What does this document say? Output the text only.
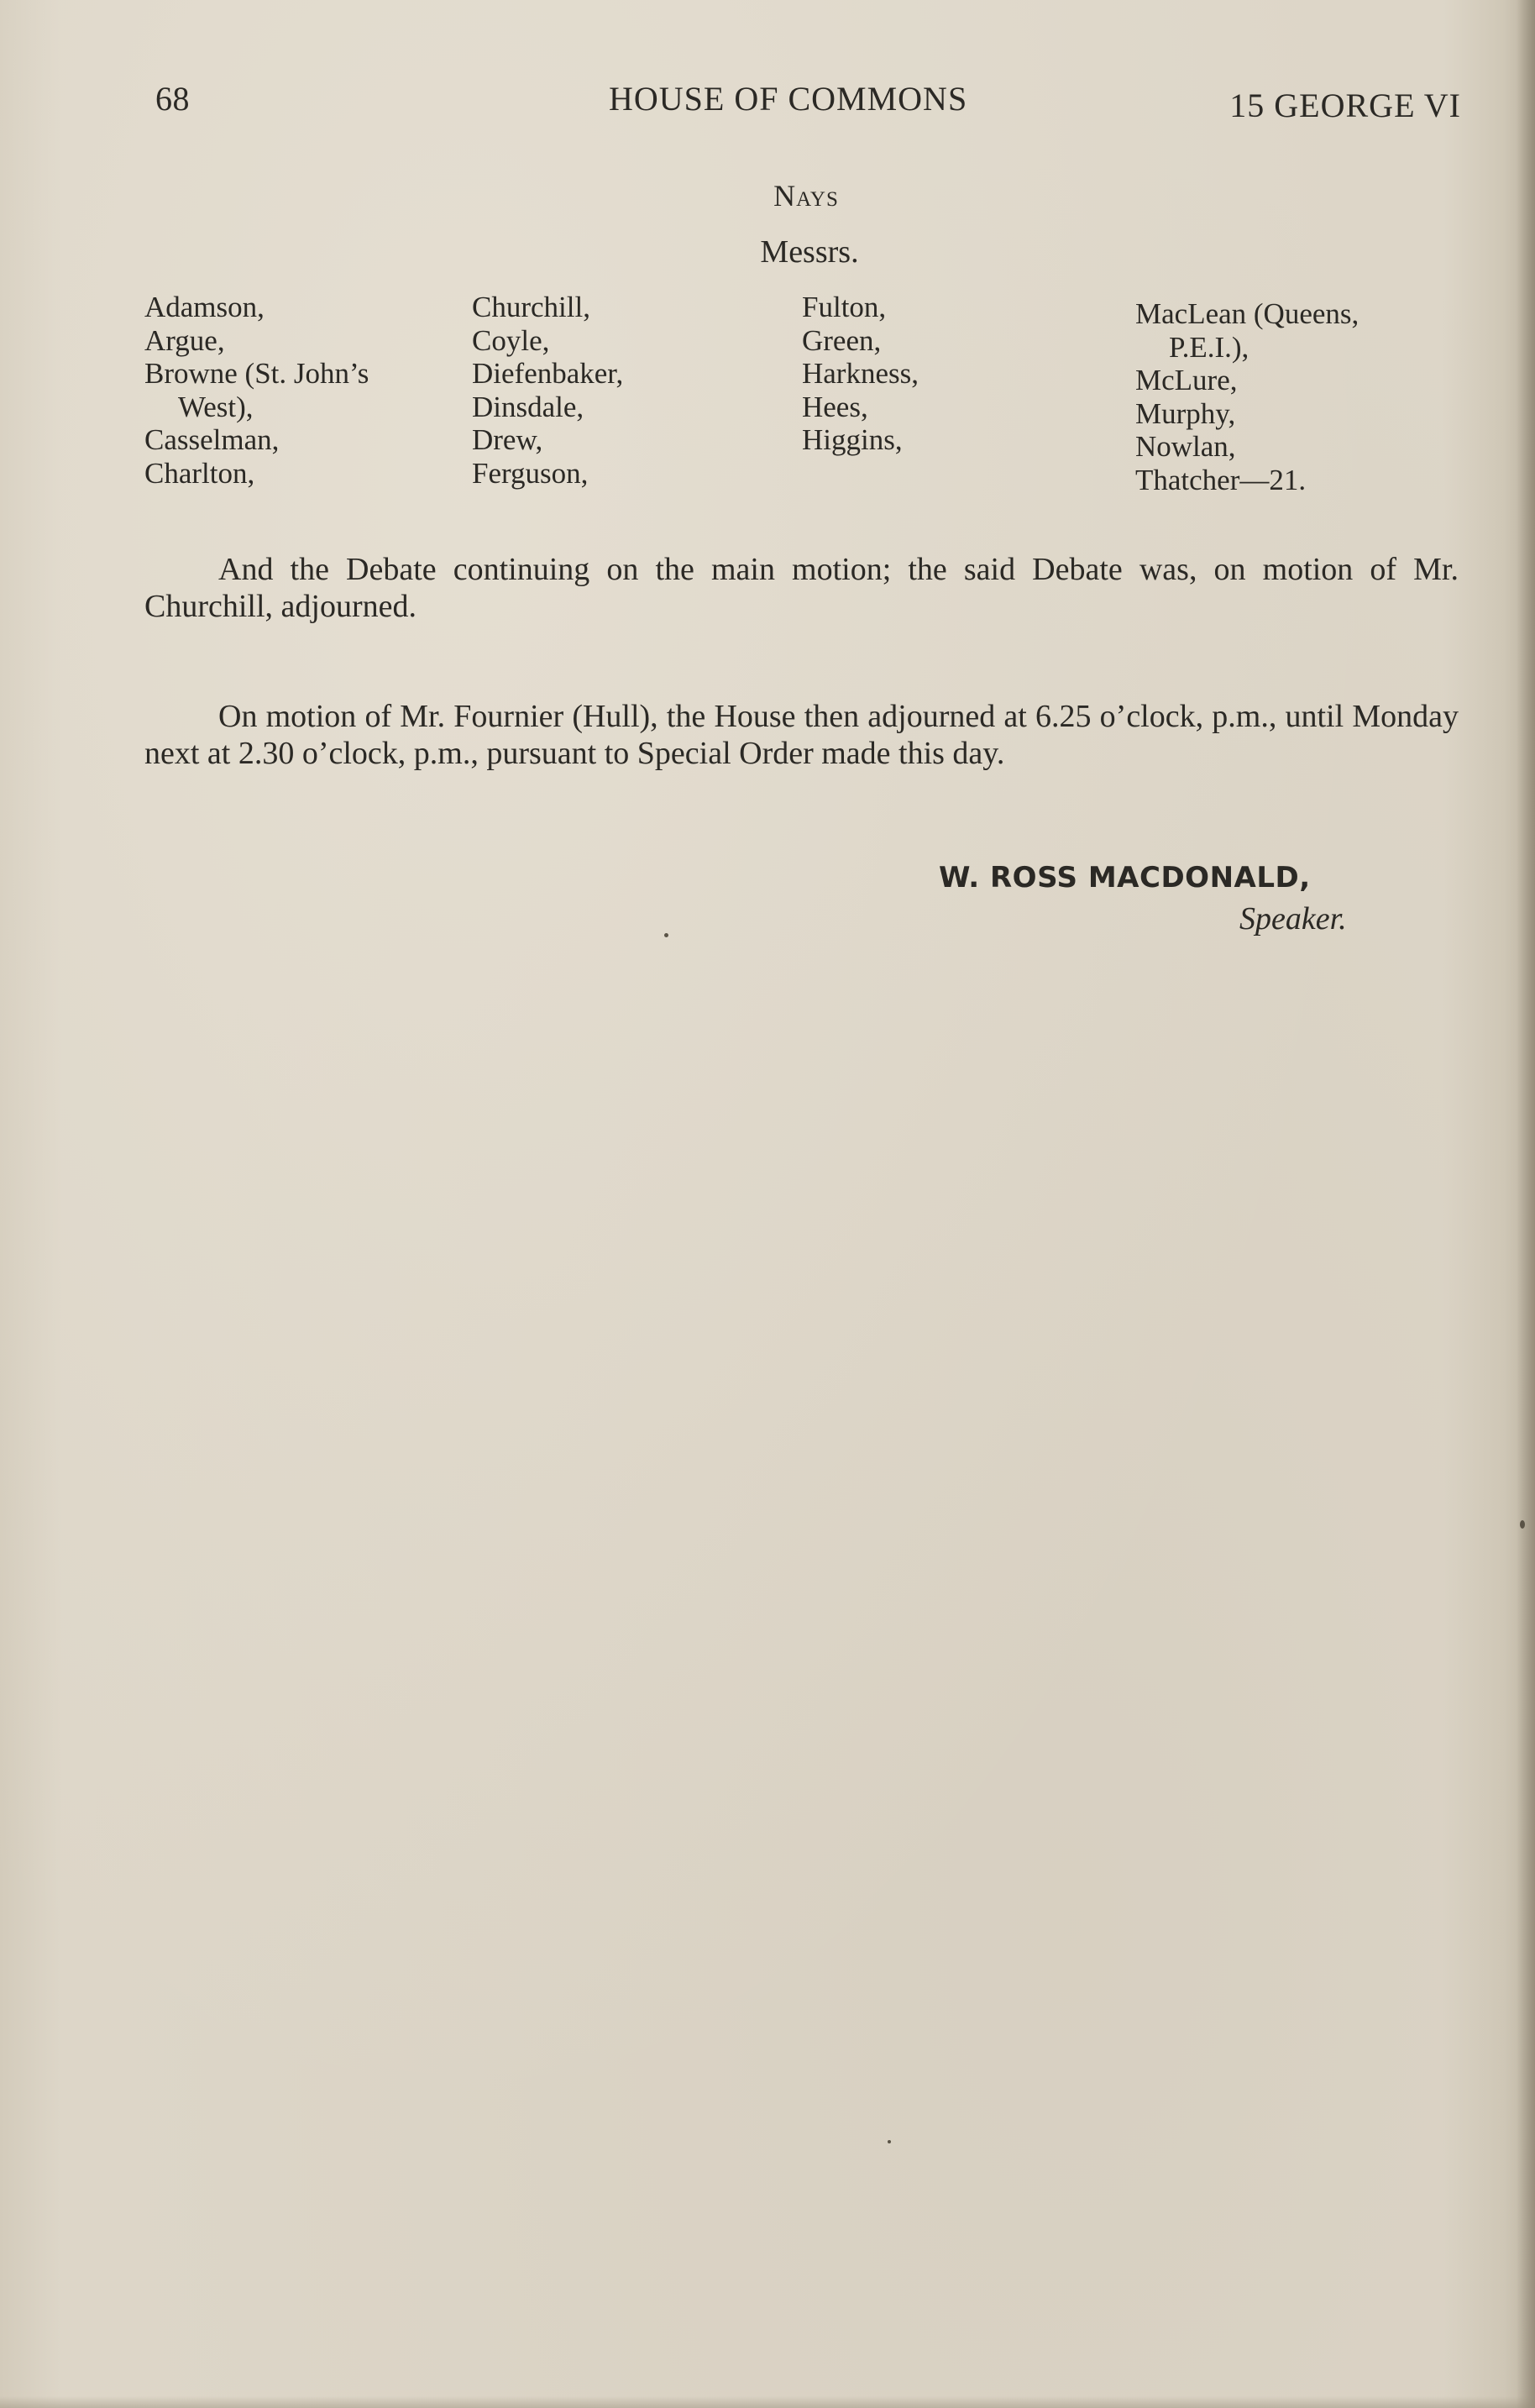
68	HOUSE OF COMMONS	15 GEORGE VI
Nays
Messrs.
Adamson,
Argue,
Browne (St. John’s
West),
Casselman,
Charlton,
Churchill,
Coyle,
Diefenbaker,
Dinsdale,
Drew,
Ferguson,
Fulton,
Green,
Harkness,
Hees,
Higgins,
MacLean (Queens,
P.E.I.),
McLure,
Murphy,
Nowlan,
Thatcher—21.

And the Debate continuing on the main motion; the said Debate was, on motion of Mr. Churchill, adjourned.

On motion of Mr. Fournier (Hull), the House then adjourned at 6.25 o’clock, p.m., until Monday next at 2.30 o’clock, p.m., pursuant to Special Order made this day.

W. ROSS MACDONALD,
Speaker.
